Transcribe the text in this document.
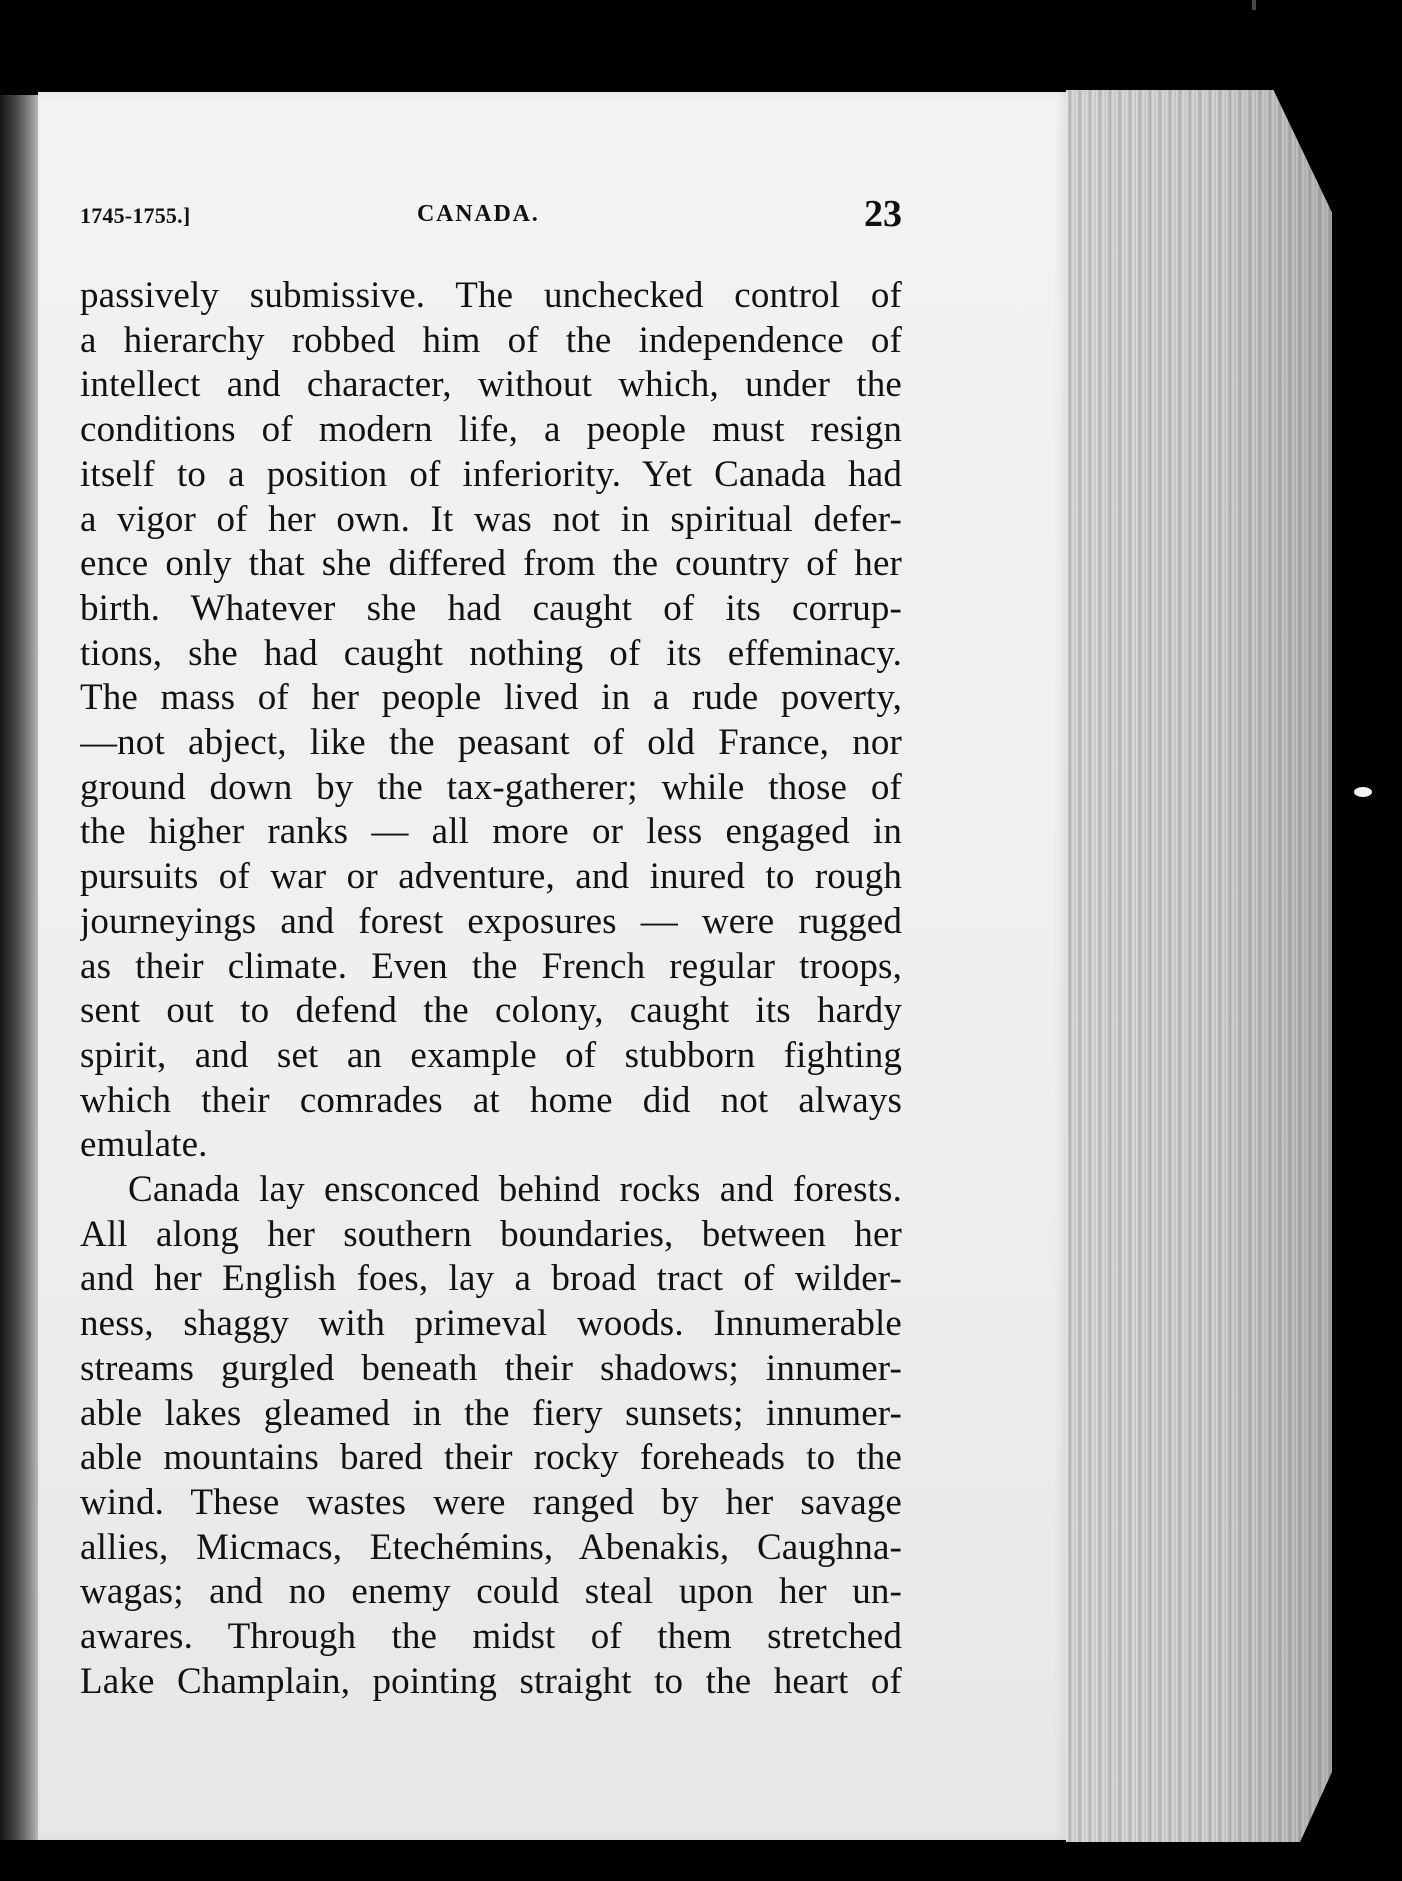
1745-1755.]	CANADA.	23

passively submissive. The unchecked control of
a hierarchy robbed him of the independence of
intellect and character, without which, under the
conditions of modern life, a people must resign
itself to a position of inferiority. Yet Canada had
a vigor of her own. It was not in spiritual defer-
ence only that she differed from the country of her
birth. Whatever she had caught of its corrup-
tions, she had caught nothing of its effeminacy.
The mass of her people lived in a rude poverty,
—not abject, like the peasant of old France, nor
ground down by the tax-gatherer; while those of
the higher ranks — all more or less engaged in
pursuits of war or adventure, and inured to rough
journeyings and forest exposures — were rugged
as their climate. Even the French regular troops,
sent out to defend the colony, caught its hardy
spirit, and set an example of stubborn fighting
which their comrades at home did not always
emulate.

Canada lay ensconced behind rocks and forests.
All along her southern boundaries, between her
and her English foes, lay a broad tract of wilder-
ness, shaggy with primeval woods. Innumerable
streams gurgled beneath their shadows; innumer-
able lakes gleamed in the fiery sunsets; innumer-
able mountains bared their rocky foreheads to the
wind. These wastes were ranged by her savage
allies, Micmacs, Etechémins, Abenakis, Caughna-
wagas; and no enemy could steal upon her un-
awares. Through the midst of them stretched
Lake Champlain, pointing straight to the heart of
